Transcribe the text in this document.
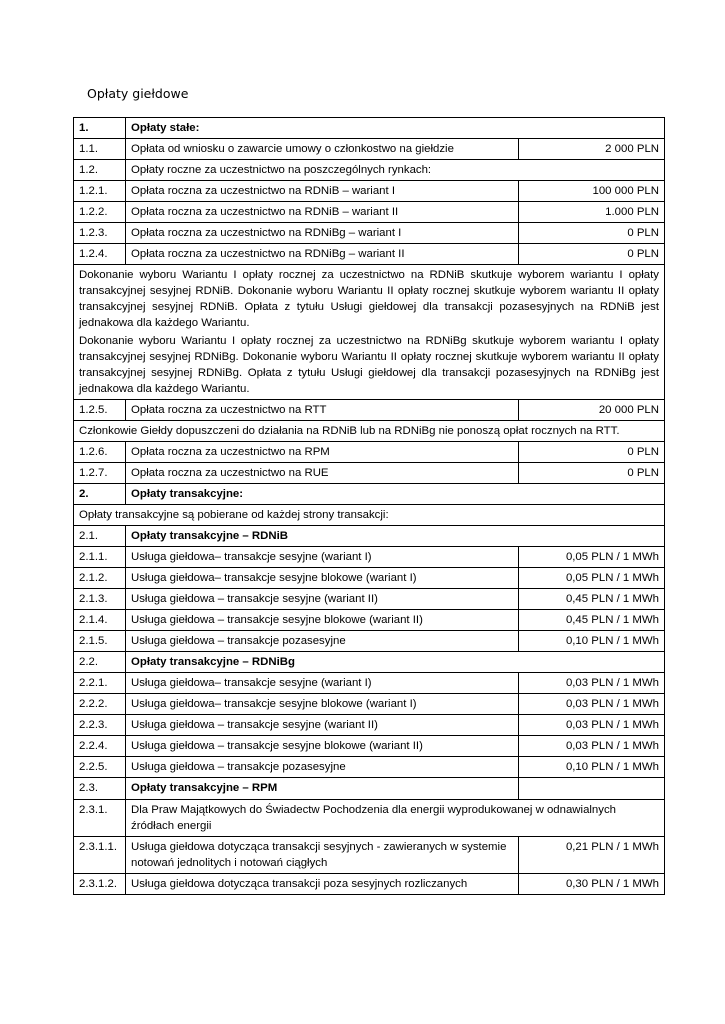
Opłaty giełdowe
1.	Opłaty stałe:	
1.1.	Opłata od wniosku o zawarcie umowy o członkostwo na giełdzie	2 000 PLN
1.2.	Opłaty roczne za uczestnictwo na poszczególnych rynkach:	
1.2.1.	Opłata roczna za uczestnictwo na RDNiB – wariant I	100 000 PLN
1.2.2.	Opłata roczna za uczestnictwo na RDNiB – wariant II	1.000 PLN
1.2.3.	Opłata roczna za uczestnictwo na RDNiBg – wariant I	0 PLN
1.2.4.	Opłata roczna za uczestnictwo na RDNiBg – wariant II	0 PLN

Dokonanie wyboru Wariantu I opłaty rocznej za uczestnictwo na RDNiB skutkuje wyborem wariantu I opłaty transakcyjnej sesyjnej RDNiB. Dokonanie wyboru Wariantu II opłaty rocznej skutkuje wyborem wariantu II opłaty transakcyjnej sesyjnej RDNiB. Opłata z tytułu Usługi giełdowej dla transakcji pozasesyjnych na RDNiB jest jednakowa dla każdego Wariantu.

Dokonanie wyboru Wariantu I opłaty rocznej za uczestnictwo na RDNiBg skutkuje wyborem wariantu I opłaty transakcyjnej sesyjnej RDNiBg. Dokonanie wyboru Wariantu II opłaty rocznej skutkuje wyborem wariantu II opłaty transakcyjnej sesyjnej RDNiBg. Opłata z tytułu Usługi giełdowej dla transakcji pozasesyjnych na RDNiBg jest jednakowa dla każdego Wariantu.		

1.2.5.	Opłata roczna za uczestnictwo na RTT	20 000 PLN
Członkowie Giełdy dopuszczeni do działania na RDNiB lub na RDNiBg nie ponoszą opłat rocznych na RTT.		
1.2.6.	Opłata roczna za uczestnictwo na RPM	0 PLN
1.2.7.	Opłata roczna za uczestnictwo na RUE	0 PLN
2.	Opłaty transakcyjne:	
Opłaty transakcyjne są pobierane od każdej strony transakcji:		
2.1.	Opłaty transakcyjne – RDNiB	
2.1.1.	Usługa giełdowa– transakcje sesyjne (wariant I)	0,05 PLN / 1 MWh
2.1.2.	Usługa giełdowa– transakcje sesyjne blokowe (wariant I)	0,05 PLN / 1 MWh
2.1.3.	Usługa giełdowa – transakcje sesyjne (wariant II)	0,45 PLN / 1 MWh
2.1.4.	Usługa giełdowa – transakcje sesyjne blokowe (wariant II)	0,45 PLN / 1 MWh
2.1.5.	Usługa giełdowa – transakcje pozasesyjne	0,10 PLN / 1 MWh
2.2.	Opłaty transakcyjne – RDNiBg	
2.2.1.	Usługa giełdowa– transakcje sesyjne (wariant I)	0,03 PLN / 1 MWh
2.2.2.	Usługa giełdowa– transakcje sesyjne blokowe (wariant I)	0,03 PLN / 1 MWh
2.2.3.	Usługa giełdowa – transakcje sesyjne (wariant II)	0,03 PLN / 1 MWh
2.2.4.	Usługa giełdowa – transakcje sesyjne blokowe (wariant II)	0,03 PLN / 1 MWh
2.2.5.	Usługa giełdowa – transakcje pozasesyjne	0,10 PLN / 1 MWh
2.3.	Opłaty transakcyjne – RPM	
2.3.1.	Dla Praw Majątkowych do Świadectw Pochodzenia dla energii wyprodukowanej w odnawialnych źródłach energii	
2.3.1.1.	Usługa giełdowa dotycząca transakcji sesyjnych - zawieranych w systemie notowań jednolitych i notowań ciągłych	0,21 PLN / 1 MWh
2.3.1.2.	Usługa giełdowa dotycząca transakcji poza sesyjnych rozliczanych	0,30 PLN / 1 MWh
